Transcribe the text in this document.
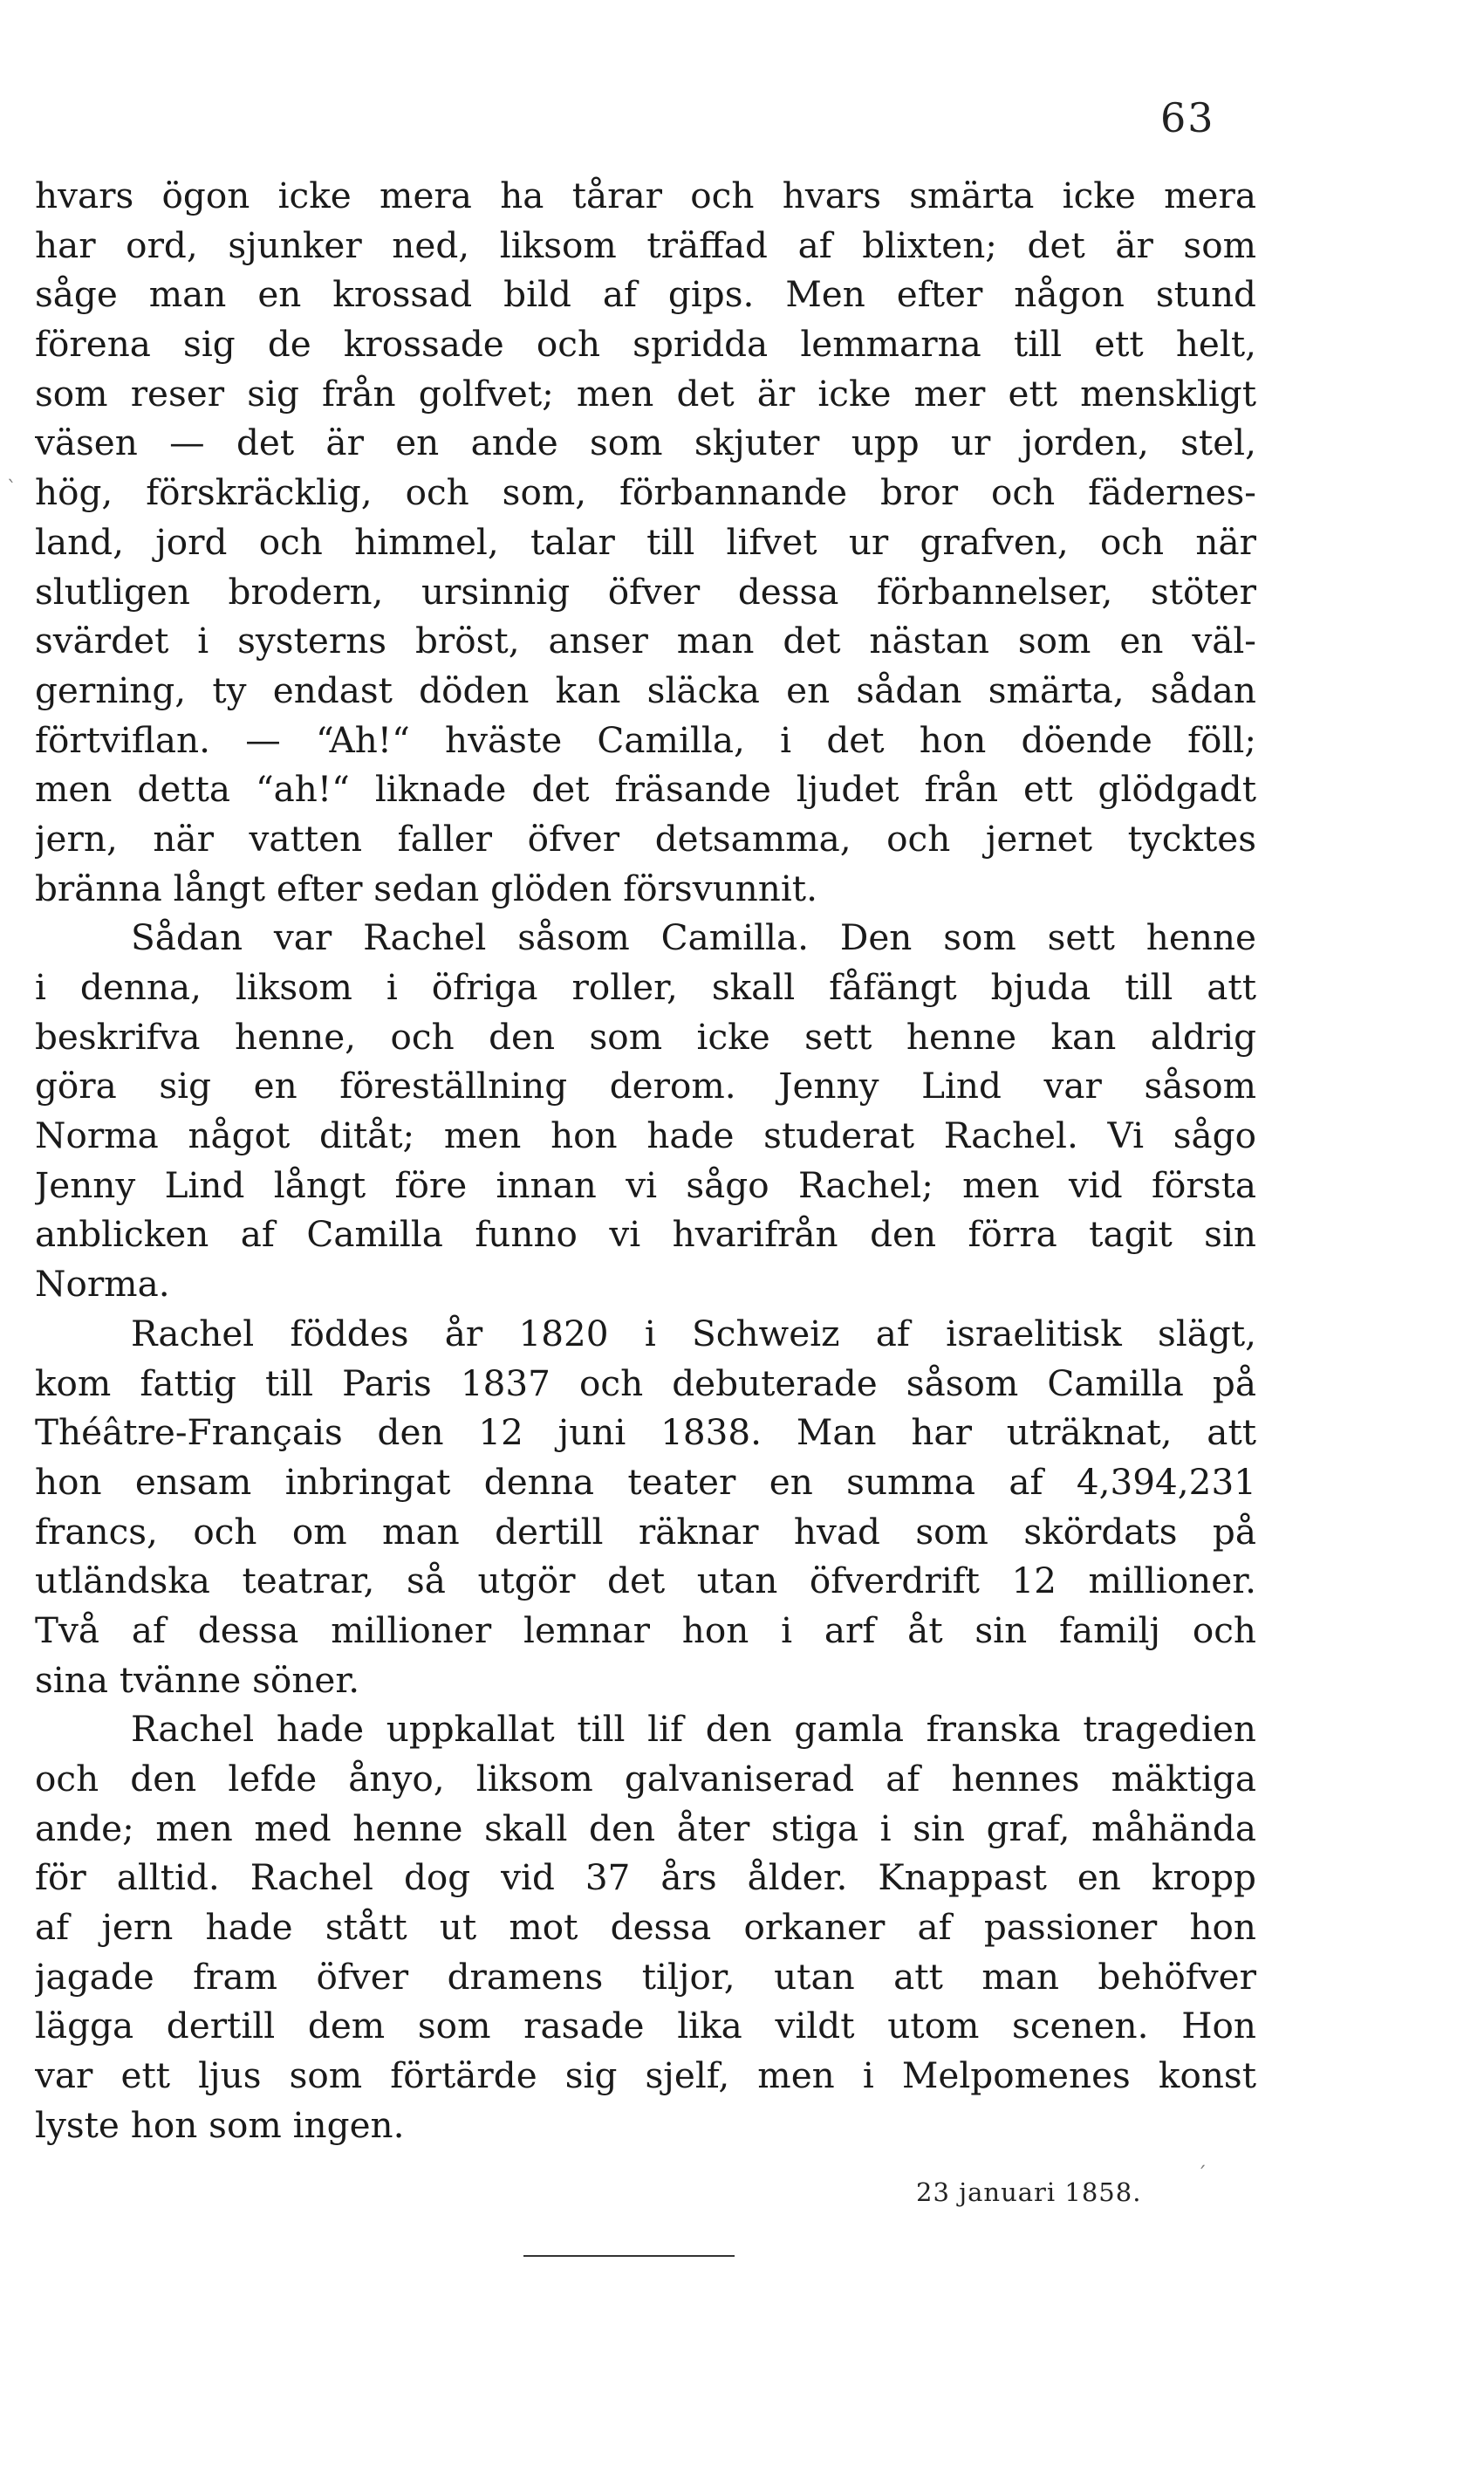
63
ˋ
hvars ögon icke mera ha tårar och hvars smärta icke mera
har ord, sjunker ned, liksom träffad af blixten; det är som
såge man en krossad bild af gips. Men efter någon stund
förena sig de krossade och spridda lemmarna till ett helt,
som reser sig från golfvet; men det är icke mer ett menskligt
väsen — det är en ande som skjuter upp ur jorden, stel,
hög, förskräcklig, och som, förbannande bror och fädernes-
land, jord och himmel, talar till lifvet ur grafven, och när
slutligen brodern, ursinnig öfver dessa förbannelser, stöter
svärdet i systerns bröst, anser man det nästan som en väl-
gerning, ty endast döden kan släcka en sådan smärta, sådan
förtviflan. — “Ah!“ hväste Camilla, i det hon döende föll;
men detta “ah!“ liknade det fräsande ljudet från ett glödgadt
jern, när vatten faller öfver detsamma, och jernet tycktes
bränna långt efter sedan glöden försvunnit.
Sådan var Rachel såsom Camilla. Den som sett henne
i denna, liksom i öfriga roller, skall fåfängt bjuda till att
beskrifva henne, och den som icke sett henne kan aldrig
göra sig en föreställning derom. Jenny Lind var såsom
Norma något ditåt; men hon hade studerat Rachel. Vi sågo
Jenny Lind långt före innan vi sågo Rachel; men vid första
anblicken af Camilla funno vi hvarifrån den förra tagit sin
Norma.
Rachel föddes år 1820 i Schweiz af israelitisk slägt,
kom fattig till Paris 1837 och debuterade såsom Camilla på
Théâtre-Français den 12 juni 1838. Man har uträknat, att
hon ensam inbringat denna teater en summa af 4,394,231
francs, och om man dertill räknar hvad som skördats på
utländska teatrar, så utgör det utan öfverdrift 12 millioner.
Två af dessa millioner lemnar hon i arf åt sin familj och
sina tvänne söner.
Rachel hade uppkallat till lif den gamla franska tragedien
och den lefde ånyo, liksom galvaniserad af hennes mäktiga
ande; men med henne skall den åter stiga i sin graf, måhända
för alltid. Rachel dog vid 37 års ålder. Knappast en kropp
af jern hade stått ut mot dessa orkaner af passioner hon
jagade fram öfver dramens tiljor, utan att man behöfver
lägga dertill dem som rasade lika vildt utom scenen. Hon
var ett ljus som förtärde sig sjelf, men i Melpomenes konst
lyste hon som ingen.
23 januari 1858.
ˊ
